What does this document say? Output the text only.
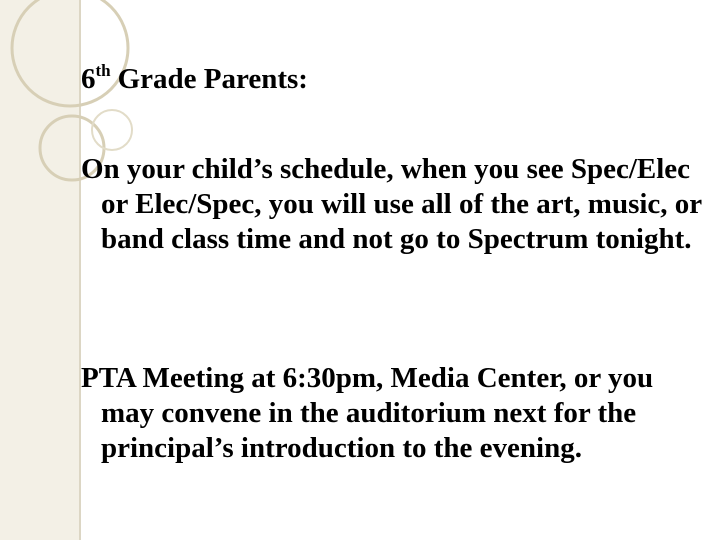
6th Grade Parents:

On your child’s schedule, when you see Spec/Elec or Elec/Spec, you will use all of the art, music, or band class time and not go to Spectrum tonight.

PTA Meeting at 6:30pm, Media Center, or you may convene in the auditorium next for the principal’s introduction to the evening.
